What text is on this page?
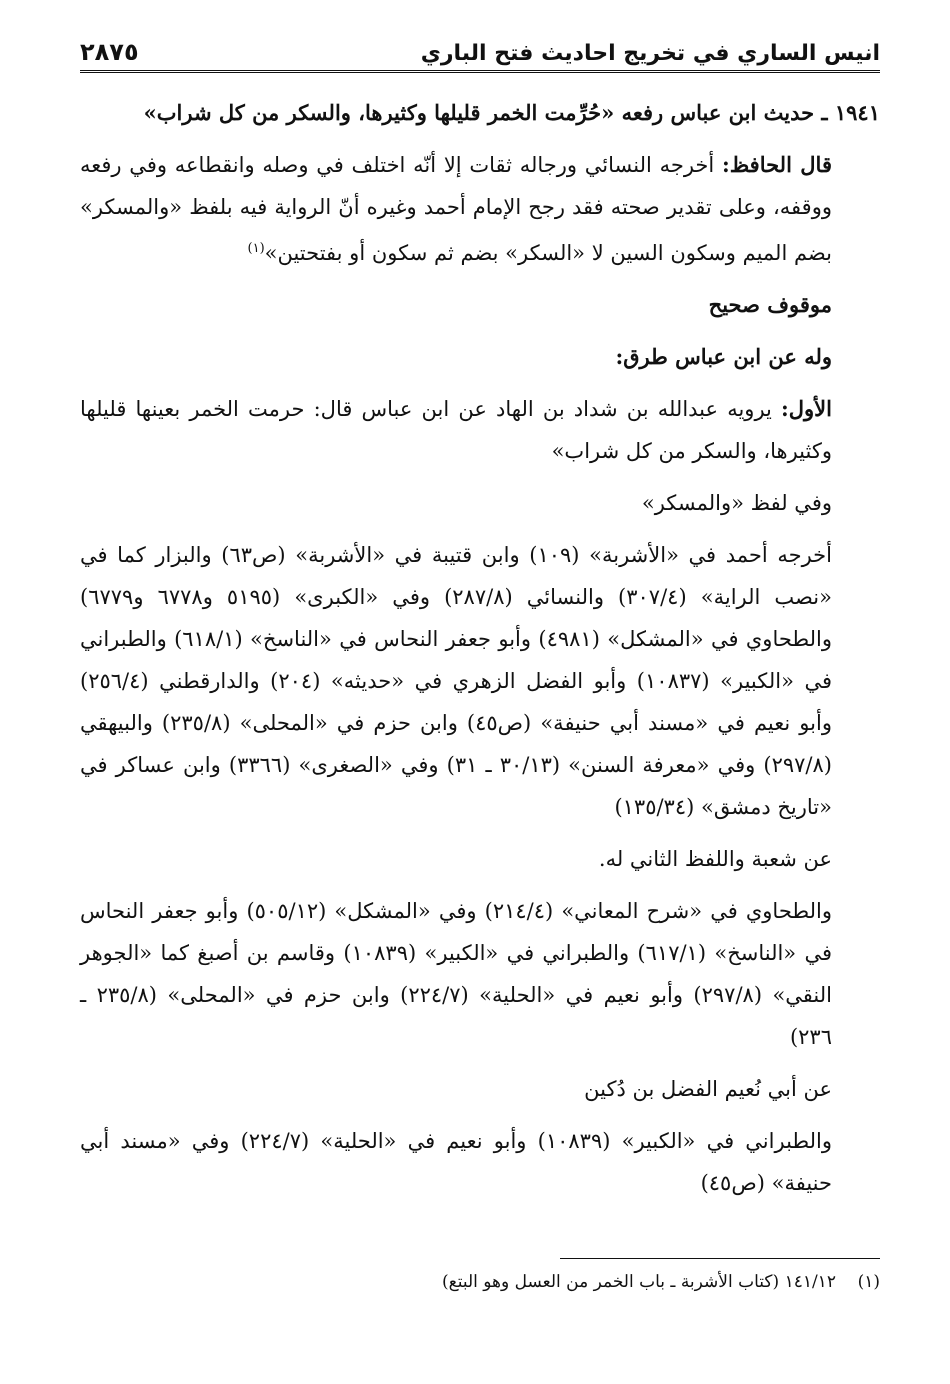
انيس الساري في تخريج احاديث فتح الباري
٢٨٧٥

١٩٤١ ـ حديث ابن عباس رفعه «حُرِّمت الخمر قليلها وكثيرها، والسكر من كل شراب»

قال الحافظ: أخرجه النسائي ورجاله ثقات إلا أنّه اختلف في وصله وانقطاعه وفي رفعه ووقفه، وعلى تقدير صحته فقد رجح الإمام أحمد وغيره أنّ الرواية فيه بلفظ «والمسكر» بضم الميم وسكون السين لا «السكر» بضم ثم سكون أو بفتحتين»$^{(١)}$

موقوف صحيح

وله عن ابن عباس طرق:

الأول: يرويه عبدالله بن شداد بن الهاد عن ابن عباس قال: حرمت الخمر بعينها قليلها وكثيرها، والسكر من كل شراب»

وفي لفظ «والمسكر»

أخرجه أحمد في «الأشربة» (١٠٩) وابن قتيبة في «الأشربة» (ص٦٣) والبزار كما في «نصب الراية» (٣٠٧/٤) والنسائي (٢٨٧/٨) وفي «الكبرى» (٥١٩٥ و٦٧٧٨ و٦٧٧٩) والطحاوي في «المشكل» (٤٩٨١) وأبو جعفر النحاس في «الناسخ» (٦١٨/١) والطبراني في «الكبير» (١٠٨٣٧) وأبو الفضل الزهري في «حديثه» (٢٠٤) والدارقطني (٢٥٦/٤) وأبو نعيم في «مسند أبي حنيفة» (ص٤٥) وابن حزم في «المحلى» (٢٣٥/٨) والبيهقي (٢٩٧/٨) وفي «معرفة السنن» (٣٠/١٣ ـ ٣١) وفي «الصغرى» (٣٣٦٦) وابن عساكر في «تاريخ دمشق» (١٣٥/٣٤)

عن شعبة واللفظ الثاني له.

والطحاوي في «شرح المعاني» (٢١٤/٤) وفي «المشكل» (٥٠٥/١٢) وأبو جعفر النحاس في «الناسخ» (٦١٧/١) والطبراني في «الكبير» (١٠٨٣٩) وقاسم بن أصبغ كما «الجوهر النقي» (٢٩٧/٨) وأبو نعيم في «الحلية» (٢٢٤/٧) وابن حزم في «المحلى» (٢٣٥/٨ ـ ٢٣٦)

عن أبي نُعيم الفضل بن دُكين

والطبراني في «الكبير» (١٠٨٣٩) وأبو نعيم في «الحلية» (٢٢٤/٧) وفي «مسند أبي حنيفة» (ص٤٥)

(١)    ١٤١/١٢ (كتاب الأشربة ـ باب الخمر من العسل وهو البتع)
